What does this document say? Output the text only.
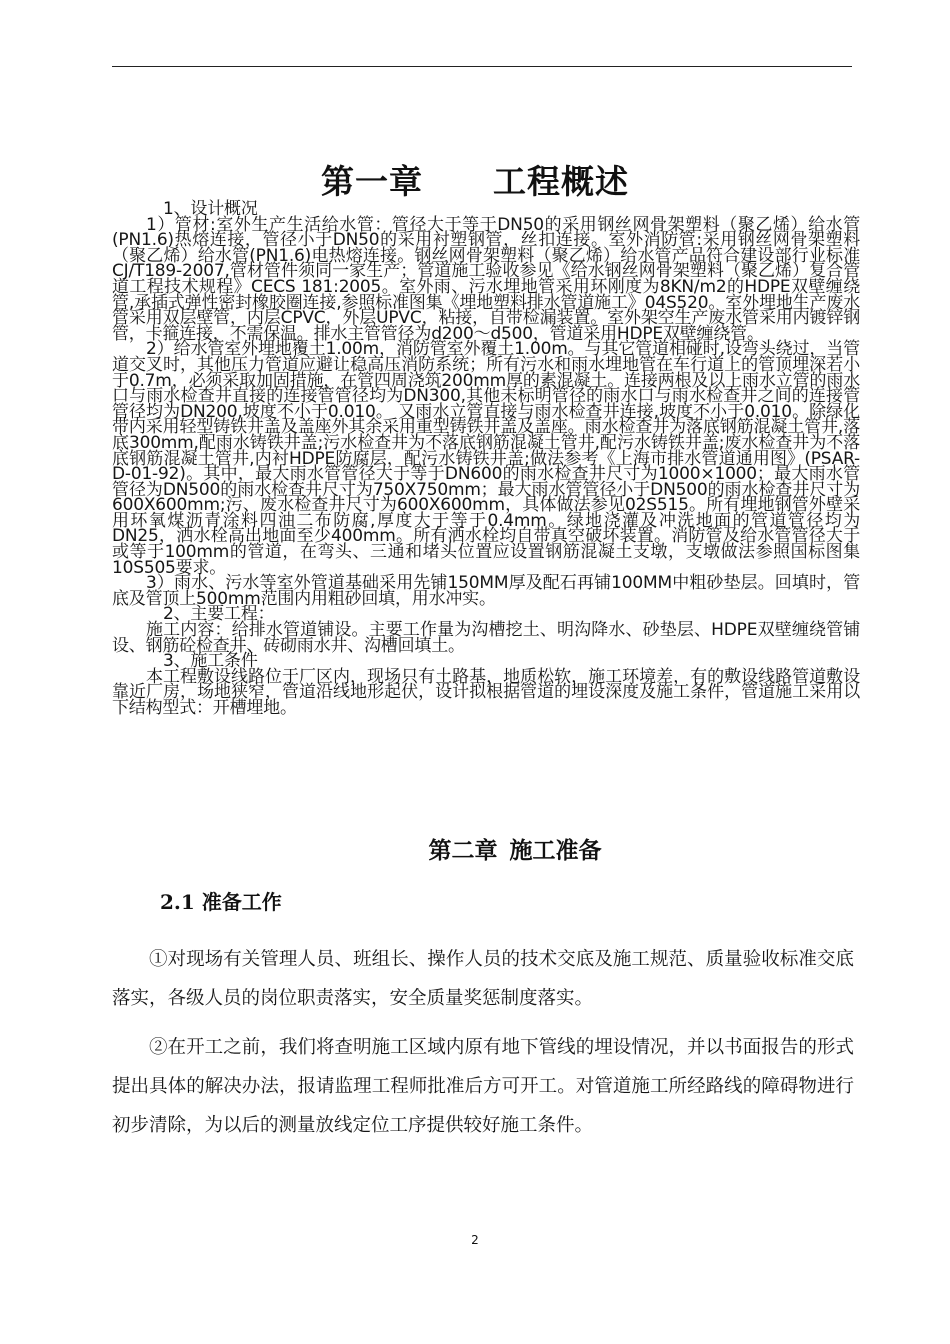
第一章 工程概述

1、设计概况

1）管材:室外生产生活给水管：管径大于等于DN50的采用钢丝网骨架塑料（聚乙烯）给水管(PN1.6)热熔连接，管径小于DN50的采用衬塑钢管，丝扣连接。室外消防管:采用钢丝网骨架塑料（聚乙烯）给水管(PN1.6)电热熔连接。钢丝网骨架塑料（聚乙烯）给水管产品符合建设部行业标准CJ/T189-2007,管材管件须同一家生产；管道施工验收参见《给水钢丝网骨架塑料（聚乙烯）复合管道工程技术规程》CECS 181:2005。室外雨、污水埋地管采用环刚度为8KN/m2的HDPE双壁缠绕管,承插式弹性密封橡胶圈连接,参照标准图集《埋地塑料排水管道施工》04S520。室外埋地生产废水管采用双层壁管，内层CPVC，外层UPVC，粘接，自带检漏装置。室外架空生产废水管采用内镀锌钢管，卡箍连接，不需保温。排水主管管径为d200～d500，管道采用HDPE双壁缠绕管。

2）给水管室外埋地覆土1.00m，消防管室外覆土1.00m。与其它管道相碰时,设弯头绕过，当管道交叉时，其他压力管道应避让稳高压消防系统；所有污水和雨水埋地管在车行道上的管顶埋深若小于0.7m，必须采取加固措施，在管四周浇筑200mm厚的素混凝土。连接两根及以上雨水立管的雨水口与雨水检查井直接的连接管管径均为DN300,其他未标明管径的雨水口与雨水检查井之间的连接管管径均为DN200,坡度不小于0.010。 又雨水立管直接与雨水检查井连接,坡度不小于0.010。除绿化带内采用轻型铸铁井盖及盖座外其余采用重型铸铁井盖及盖座。雨水检查井为落底钢筋混凝土管井,落底300mm,配雨水铸铁井盖;污水检查井为不落底钢筋混凝土管井,配污水铸铁井盖;废水检查井为不落底钢筋混凝土管井,内衬HDPE防腐层，配污水铸铁井盖;做法参考《上海市排水管道通用图》(PSAR-D-01-92)。其中，最大雨水管管径大于等于DN600的雨水检查井尺寸为1000×1000；最大雨水管管径为DN500的雨水检查井尺寸为750X750mm；最大雨水管管径小于DN500的雨水检查井尺寸为600X600mm;污、废水检查井尺寸为600X600mm，具体做法参见02S515。所有埋地钢管外壁采用环氧煤沥青涂料四油二布防腐,厚度大于等于0.4mm。绿地浇灌及冲洗地面的管道管径均为DN25，洒水栓高出地面至少400mm。所有洒水栓均自带真空破坏装置。消防管及给水管管径大于或等于100mm的管道，在弯头、三通和堵头位置应设置钢筋混凝土支墩，支墩做法参照国标图集10S505要求。

3）雨水、污水等室外管道基础采用先铺150MM厚及配石再铺100MM中粗砂垫层。回填时，管底及管顶上500mm范围内用粗砂回填，用水冲实。

2、主要工程：

施工内容：给排水管道铺设。主要工作量为沟槽挖土、明沟降水、砂垫层、HDPE双壁缠绕管铺设、钢筋砼检查井、砖砌雨水井、沟槽回填土。

3、施工条件

本工程敷设线路位于厂区内，现场只有土路基，地质松软，施工环境差，有的敷设线路管道敷设靠近厂房，场地狭窄，管道沿线地形起伏，设计拟根据管道的埋设深度及施工条件，管道施工采用以下结构型式：开槽埋地。

第二章 施工准备
2.1 准备工作

①对现场有关管理人员、班组长、操作人员的技术交底及施工规范、质量验收标准交底落实，各级人员的岗位职责落实，安全质量奖惩制度落实。

②在开工之前，我们将查明施工区域内原有地下管线的埋设情况，并以书面报告的形式提出具体的解决办法，报请监理工程师批准后方可开工。对管道施工所经路线的障碍物进行初步清除，为以后的测量放线定位工序提供较好施工条件。

2
